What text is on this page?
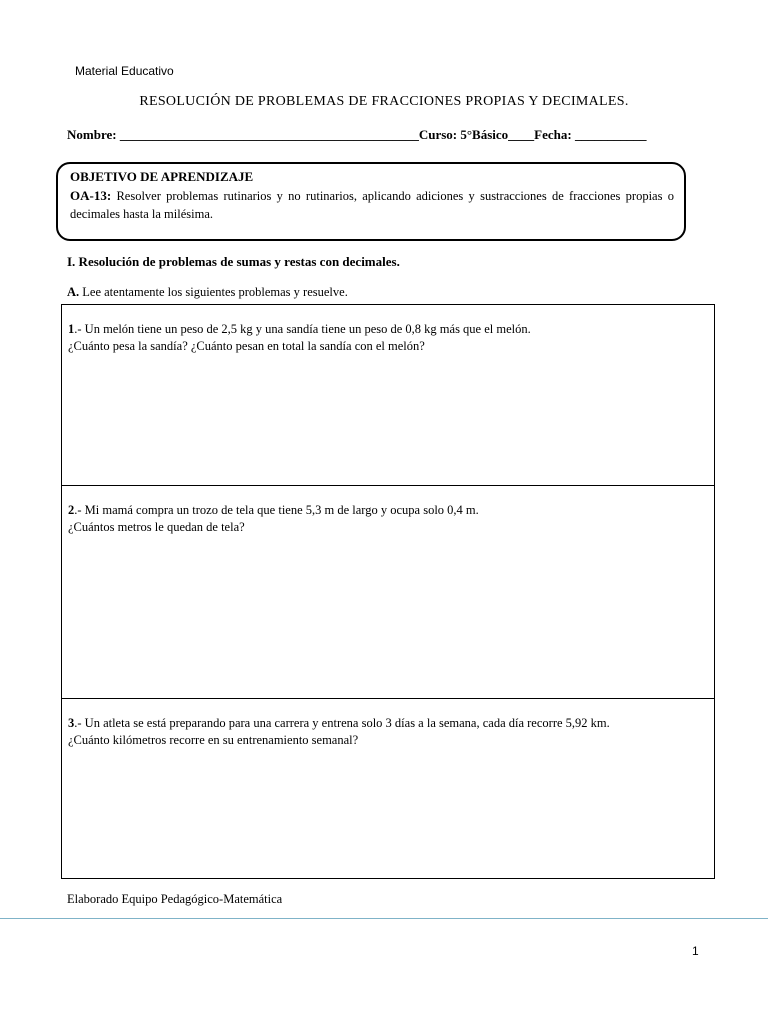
Material Educativo
RESOLUCIÓN DE PROBLEMAS DE FRACCIONES PROPIAS Y DECIMALES.
Nombre: ______________________________________________Curso: 5°Básico____Fecha: ___________

OBJETIVO DE APRENDIZAJE

OA-13: Resolver problemas rutinarios y no rutinarios, aplicando adiciones y sustracciones de fracciones propias o decimales hasta la milésima.

I. Resolución de problemas de sumas y restas con decimales.
A. Lee atentamente los siguientes problemas y resuelve.
1.- Un melón tiene un peso de 2,5 kg y una sandía tiene un peso de 0,8 kg más que el melón.
¿Cuánto pesa la sandía? ¿Cuánto pesan en total la sandía con el melón?
2.- Mi mamá compra un trozo de tela que tiene 5,3 m de largo y ocupa solo 0,4 m.
¿Cuántos metros le quedan de tela?
3.- Un atleta se está preparando para una carrera y entrena solo 3 días a la semana, cada día recorre 5,92 km.
¿Cuánto kilómetros recorre en su entrenamiento semanal?
Elaborado Equipo Pedagógico-Matemática
1
